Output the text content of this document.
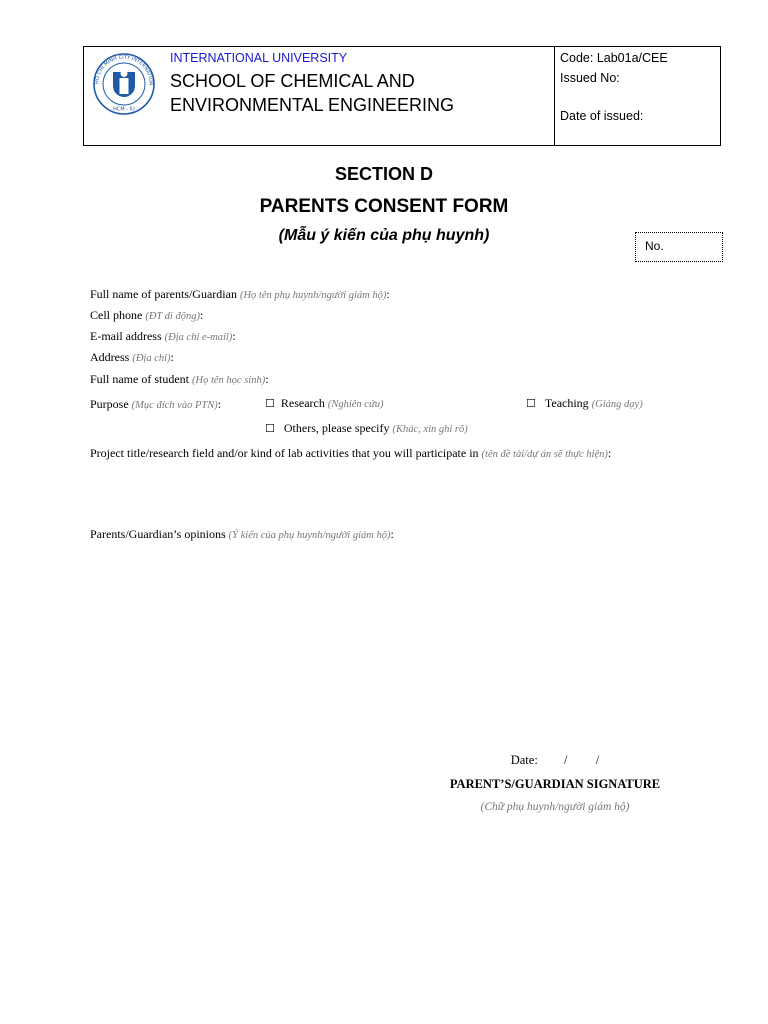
HO CHI MINH CITY INTERNATION
HCM - IU
INTERNATIONAL UNIVERSITY
SCHOOL OF CHEMICAL AND
ENVIRONMENTAL ENGINEERING
Code: Lab01a/CEE
Issued No:
Date of issued:
SECTION D
PARENTS CONSENT FORM
(Mẫu ý kiến của phụ huynh)
No.
Full name of parents/Guardian (Họ tên phụ huynh/người giám hộ):
Cell phone (ĐT di động):
E-mail address (Địa chỉ e-mail):
Address (Địa chỉ):
Full name of student (Họ tên học sinh):
Purpose (Mục đích vào PTN):	☐ Research (Nghiên cứu)	☐ Teaching (Giảng dạy)
☐ Others, please specify (Khác, xin ghi rõ)
Project title/research field and/or kind of lab activities that you will participate in (tên đề tài/dự án sẽ thực hiện):
Parents/Guardian’s opinions (Ý kiến của phụ huynh/người giám hộ):
Date: / /
PARENT’S/GUARDIAN SIGNATURE
(Chữ phụ huynh/người giám hộ)
